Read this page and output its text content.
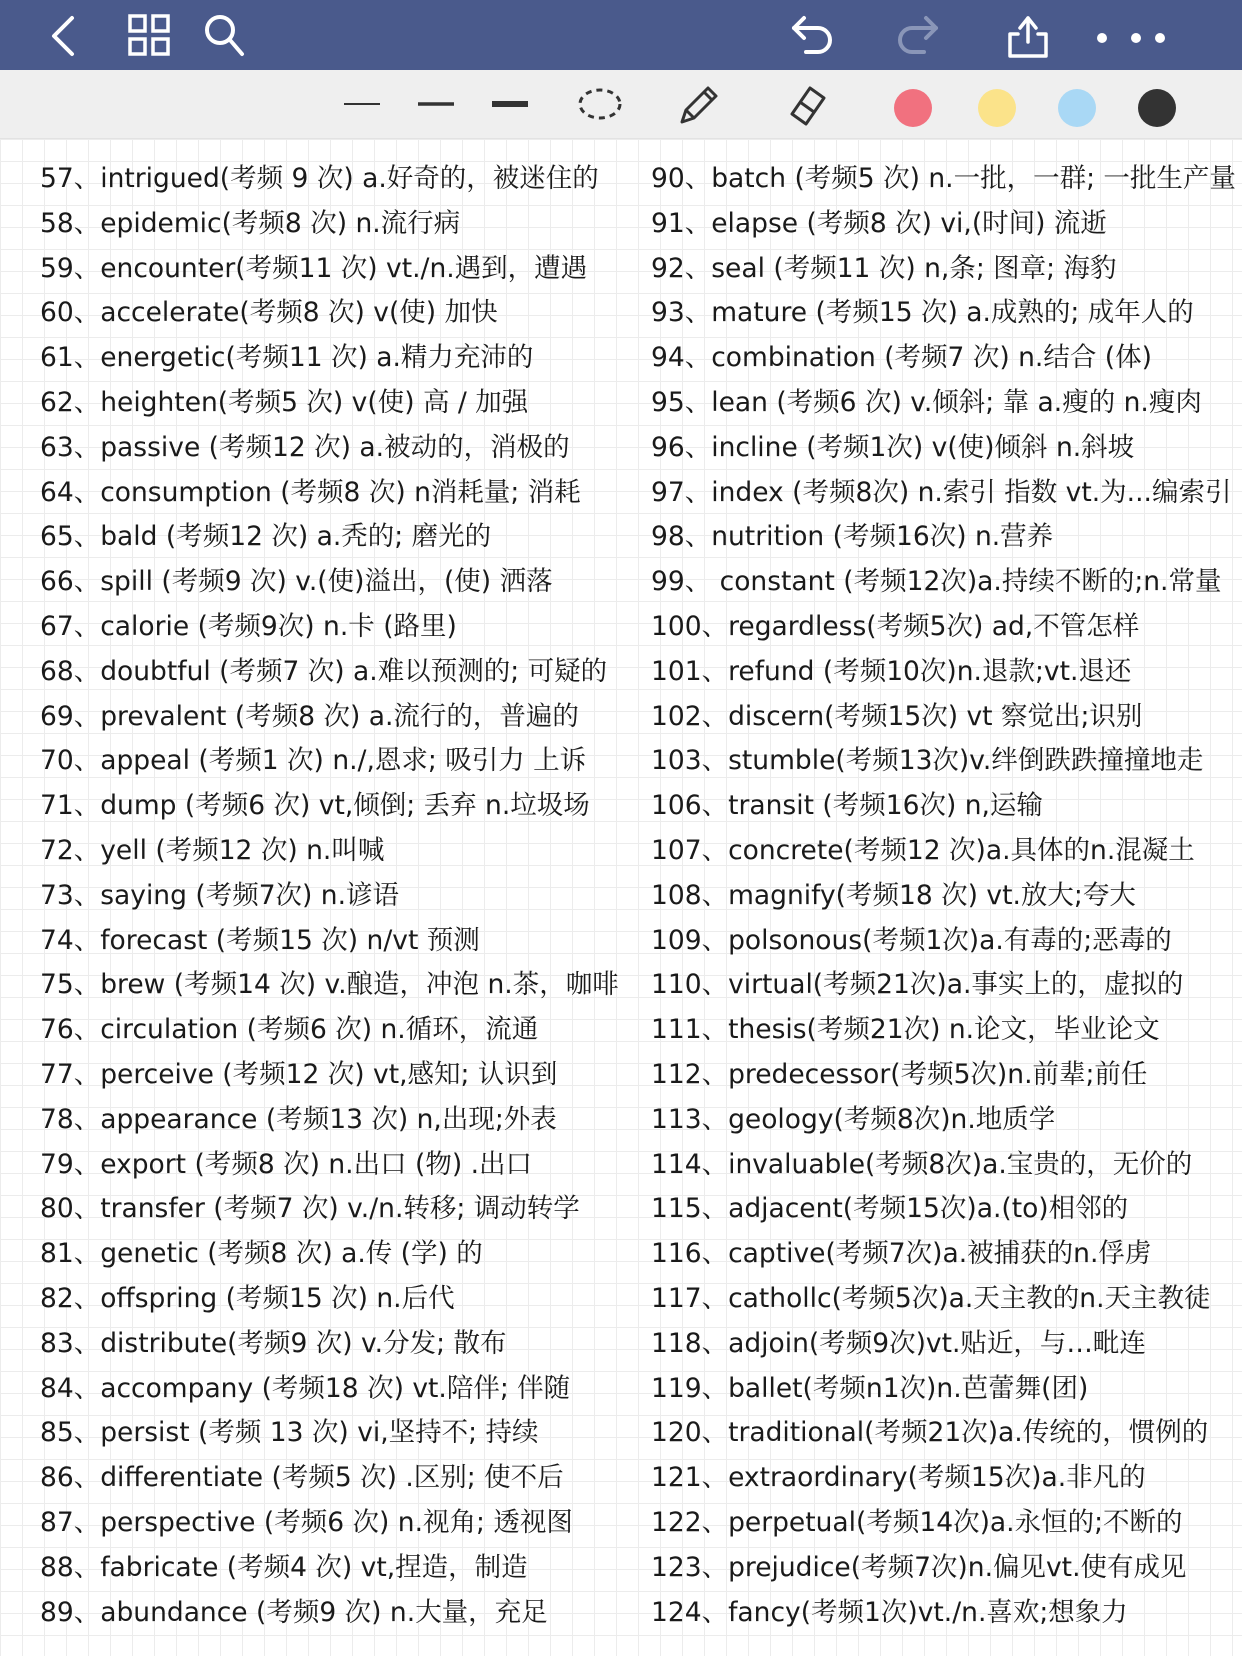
57、intrigued(考频 9 次) a.好奇的，被迷住的
58、epidemic(考频8 次) n.流行病
59、encounter(考频11 次) vt./n.遇到，遭遇
60、accelerate(考频8 次) v(使) 加快
61、energetic(考频11 次) a.精力充沛的
62、heighten(考频5 次) v(使) 高 / 加强
63、passive (考频12 次) a.被动的，消极的
64、consumption (考频8 次) n消耗量; 消耗
65、bald (考频12 次) a.秃的; 磨光的
66、spill (考频9 次) v.(使)溢出，(使) 洒落
67、calorie (考频9次) n.卡 (路里)
68、doubtful (考频7 次) a.难以预测的; 可疑的
69、prevalent (考频8 次) a.流行的，普遍的
70、appeal (考频1 次) n./,恩求; 吸引力 上诉
71、dump (考频6 次) vt,倾倒; 丢弃 n.垃圾场
72、yell (考频12 次) n.叫喊
73、saying (考频7次) n.谚语
74、forecast (考频15 次) n/vt 预测
75、brew (考频14 次) v.酿造，冲泡 n.茶，咖啡
76、circulation (考频6 次) n.循环，流通
77、perceive (考频12 次) vt,感知; 认识到
78、appearance (考频13 次) n,出现;外表
79、export (考频8 次) n.出口 (物) .出口
80、transfer (考频7 次) v./n.转移; 调动转学
81、genetic (考频8 次) a.传 (学) 的
82、offspring (考频15 次) n.后代
83、distribute(考频9 次) v.分发; 散布
84、accompany (考频18 次) vt.陪伴; 伴随
85、persist (考频 13 次) vi,坚持不; 持续
86、differentiate (考频5 次) .区别; 使不后
87、perspective (考频6 次) n.视角; 透视图
88、fabricate (考频4 次) vt,捏造，制造
89、abundance (考频9 次) n.大量，充足
90、batch (考频5 次) n.一批，一群; 一批生产量
91、elapse (考频8 次) vi,(时间) 流逝
92、seal (考频11 次) n,条; 图章; 海豹
93、mature (考频15 次) a.成熟的; 成年人的
94、combination (考频7 次) n.结合 (体)
95、lean (考频6 次) v.倾斜; 靠 a.瘦的 n.瘦肉
96、incline (考频1次) v(使)倾斜 n.斜坡
97、index (考频8次) n.索引 指数 vt.为...编索引
98、nutrition (考频16次) n.营养
99、 constant (考频12次)a.持续不断的;n.常量
100、regardless(考频5次) ad,不管怎样
101、refund (考频10次)n.退款;vt.退还
102、discern(考频15次) vt 察觉出;识别
103、stumble(考频13次)v.绊倒跌跌撞撞地走
106、transit (考频16次) n,运输
107、concrete(考频12 次)a.具体的n.混凝土
108、magnify(考频18 次) vt.放大;夸大
109、polsonous(考频1次)a.有毒的;恶毒的
110、virtual(考频21次)a.事实上的，虚拟的
111、thesis(考频21次) n.论文，毕业论文
112、predecessor(考频5次)n.前辈;前任
113、geology(考频8次)n.地质学
114、invaluable(考频8次)a.宝贵的，无价的
115、adjacent(考频15次)a.(to)相邻的
116、captive(考频7次)a.被捕获的n.俘虏
117、cathollc(考频5次)a.天主教的n.天主教徒
118、adjoin(考频9次)vt.贴近，与…毗连
119、ballet(考频n1次)n.芭蕾舞(团)
120、traditional(考频21次)a.传统的，惯例的
121、extraordinary(考频15次)a.非凡的
122、perpetual(考频14次)a.永恒的;不断的
123、prejudice(考频7次)n.偏见vt.使有成见
124、fancy(考频1次)vt./n.喜欢;想象力
